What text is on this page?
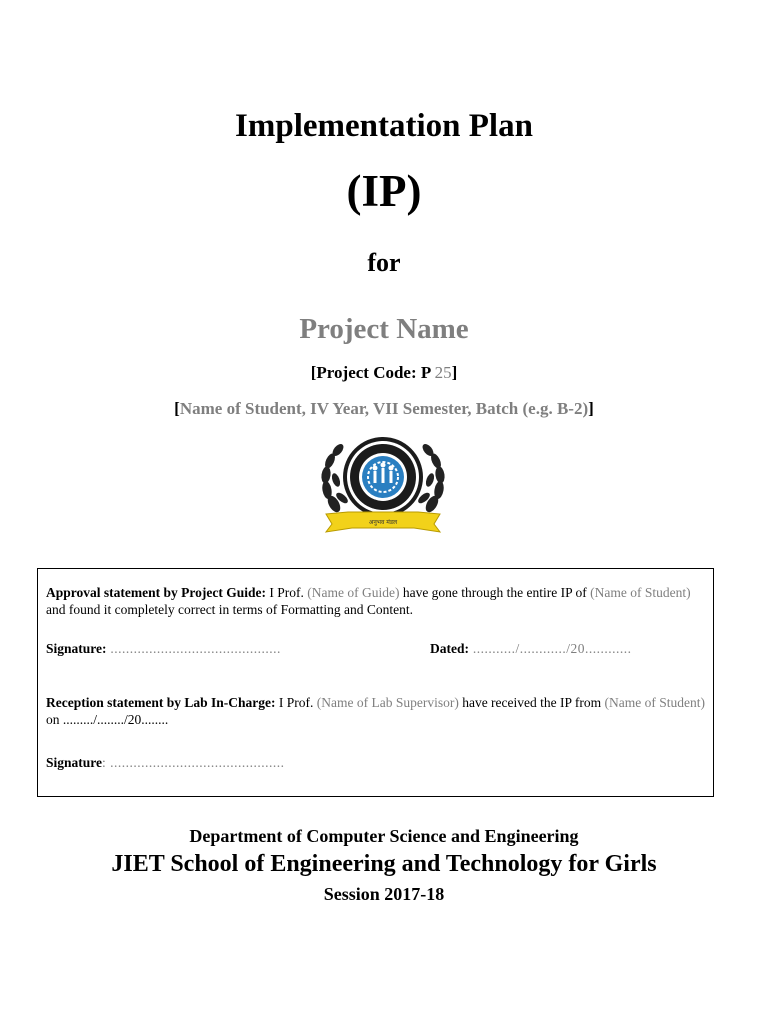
Implementation Plan
(IP)
for
Project Name
[Project Code: P 25]
[Name of Student, IV Year, VII Semester, Batch (e.g. B-2)]
अनुभव मंडल
Approval statement by Project Guide: I Prof. (Name of Guide) have gone through the entire IP of (Name of Student) and found it completely correct in terms of Formatting and Content.
Signature: ............................................	Dated: .........../............/20............
Reception statement by Lab In-Charge: I Prof. (Name of Lab Supervisor) have received the IP from (Name of Student) on ........./......../20........
Signature: .............................................
Department of Computer Science and Engineering
JIET School of Engineering and Technology for Girls
Session 2017-18
